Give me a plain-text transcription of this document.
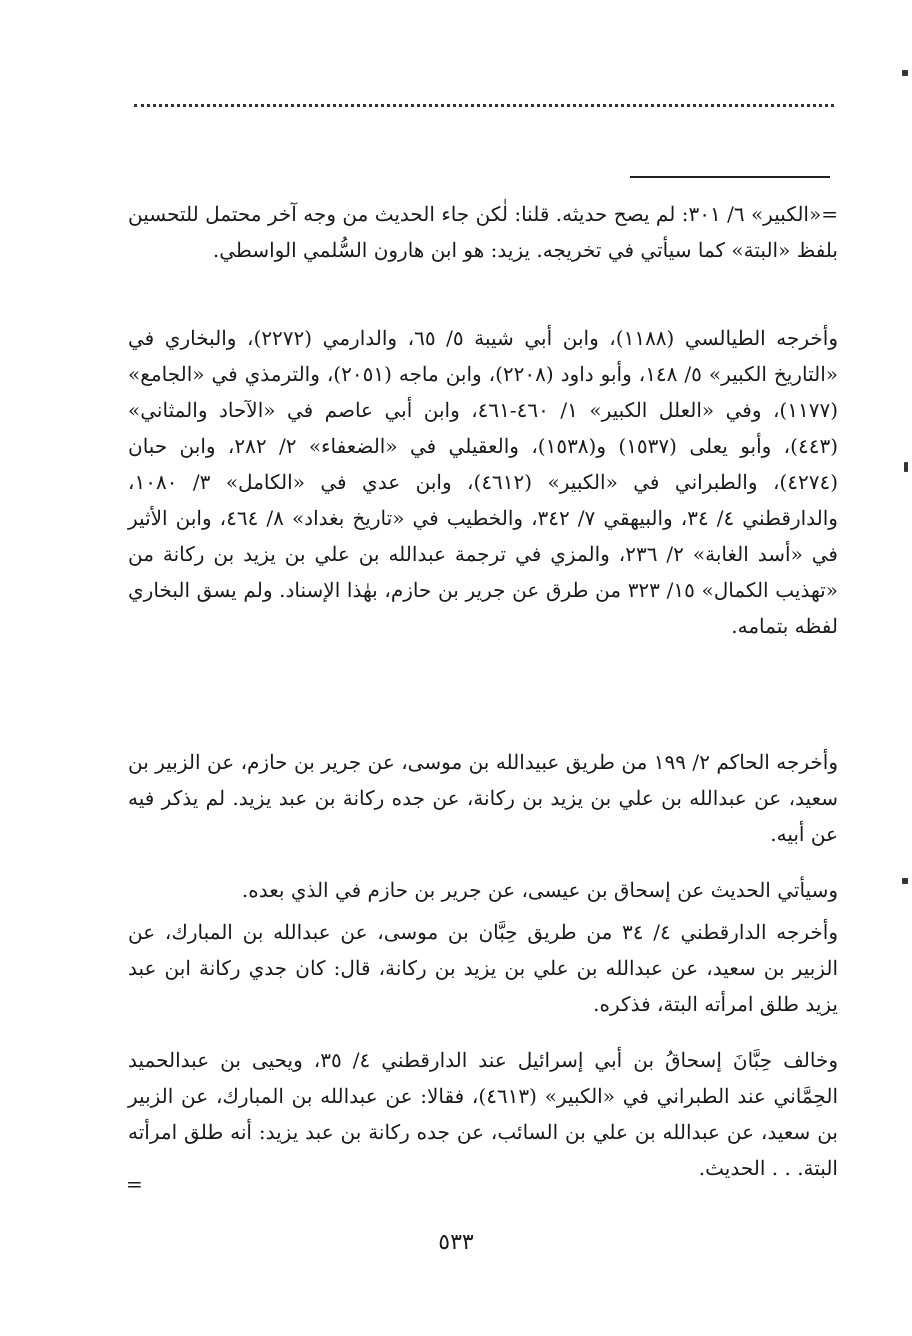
=«الكبير» ٦/ ٣٠١: لم يصح حديثه. قلنا: لٰكن جاء الحديث من وجه آخر محتمل للتحسين بلفظ «البتة» كما سيأتي في تخريجه. يزيد: هو ابن هارون السُّلمي الواسطي.

وأخرجه الطيالسي (١١٨٨)، وابن أبي شيبة ٥/ ٦٥، والدارمي (٢٢٧٢)، والبخاري في «التاريخ الكبير» ٥/ ١٤٨، وأبو داود (٢٢٠٨)، وابن ماجه (٢٠٥١)، والترمذي في «الجامع» (١١٧٧)، وفي «العلل الكبير» ١/ ٤٦٠-٤٦١، وابن أبي عاصم في «الآحاد والمثاني» (٤٤٣)، وأبو يعلى (١٥٣٧) و(١٥٣٨)، والعقيلي في «الضعفاء» ٢/ ٢٨٢، وابن حبان (٤٢٧٤)، والطبراني في «الكبير» (٤٦١٢)، وابن عدي في «الكامل» ٣/ ١٠٨٠، والدارقطني ٤/ ٣٤، والبيهقي ٧/ ٣٤٢، والخطيب في «تاريخ بغداد» ٨/ ٤٦٤، وابن الأثير في «أسد الغابة» ٢/ ٢٣٦، والمزي في ترجمة عبدالله بن علي بن يزيد بن ركانة من «تهذيب الكمال» ١٥/ ٣٢٣ من طرق عن جرير بن حازم، بهٰذا الإسناد. ولم يسق البخاري لفظه بتمامه.

وأخرجه الحاكم ٢/ ١٩٩ من طريق عبيدالله بن موسى، عن جرير بن حازم، عن الزبير بن سعيد، عن عبدالله بن علي بن يزيد بن ركانة، عن جده ركانة بن عبد يزيد. لم يذكر فيه عن أبيه.

وسيأتي الحديث عن إسحاق بن عيسى، عن جرير بن حازم في الذي بعده.

وأخرجه الدارقطني ٤/ ٣٤ من طريق حِبَّان بن موسى، عن عبدالله بن المبارك، عن الزبير بن سعيد، عن عبدالله بن علي بن يزيد بن ركانة، قال: كان جدي ركانة ابن عبد يزيد طلق امرأته البتة، فذكره.

وخالف حِبَّانَ إسحاقُ بن أبي إسرائيل عند الدارقطني ٤/ ٣٥، ويحيى بن عبدالحميد الحِمَّاني عند الطبراني في «الكبير» (٤٦١٣)، فقالا: عن عبدالله بن المبارك، عن الزبير بن سعيد، عن عبدالله بن علي بن السائب، عن جده ركانة بن عبد يزيد: أنه طلق امرأته البتة. . . الحديث.

=
٥٣٣
